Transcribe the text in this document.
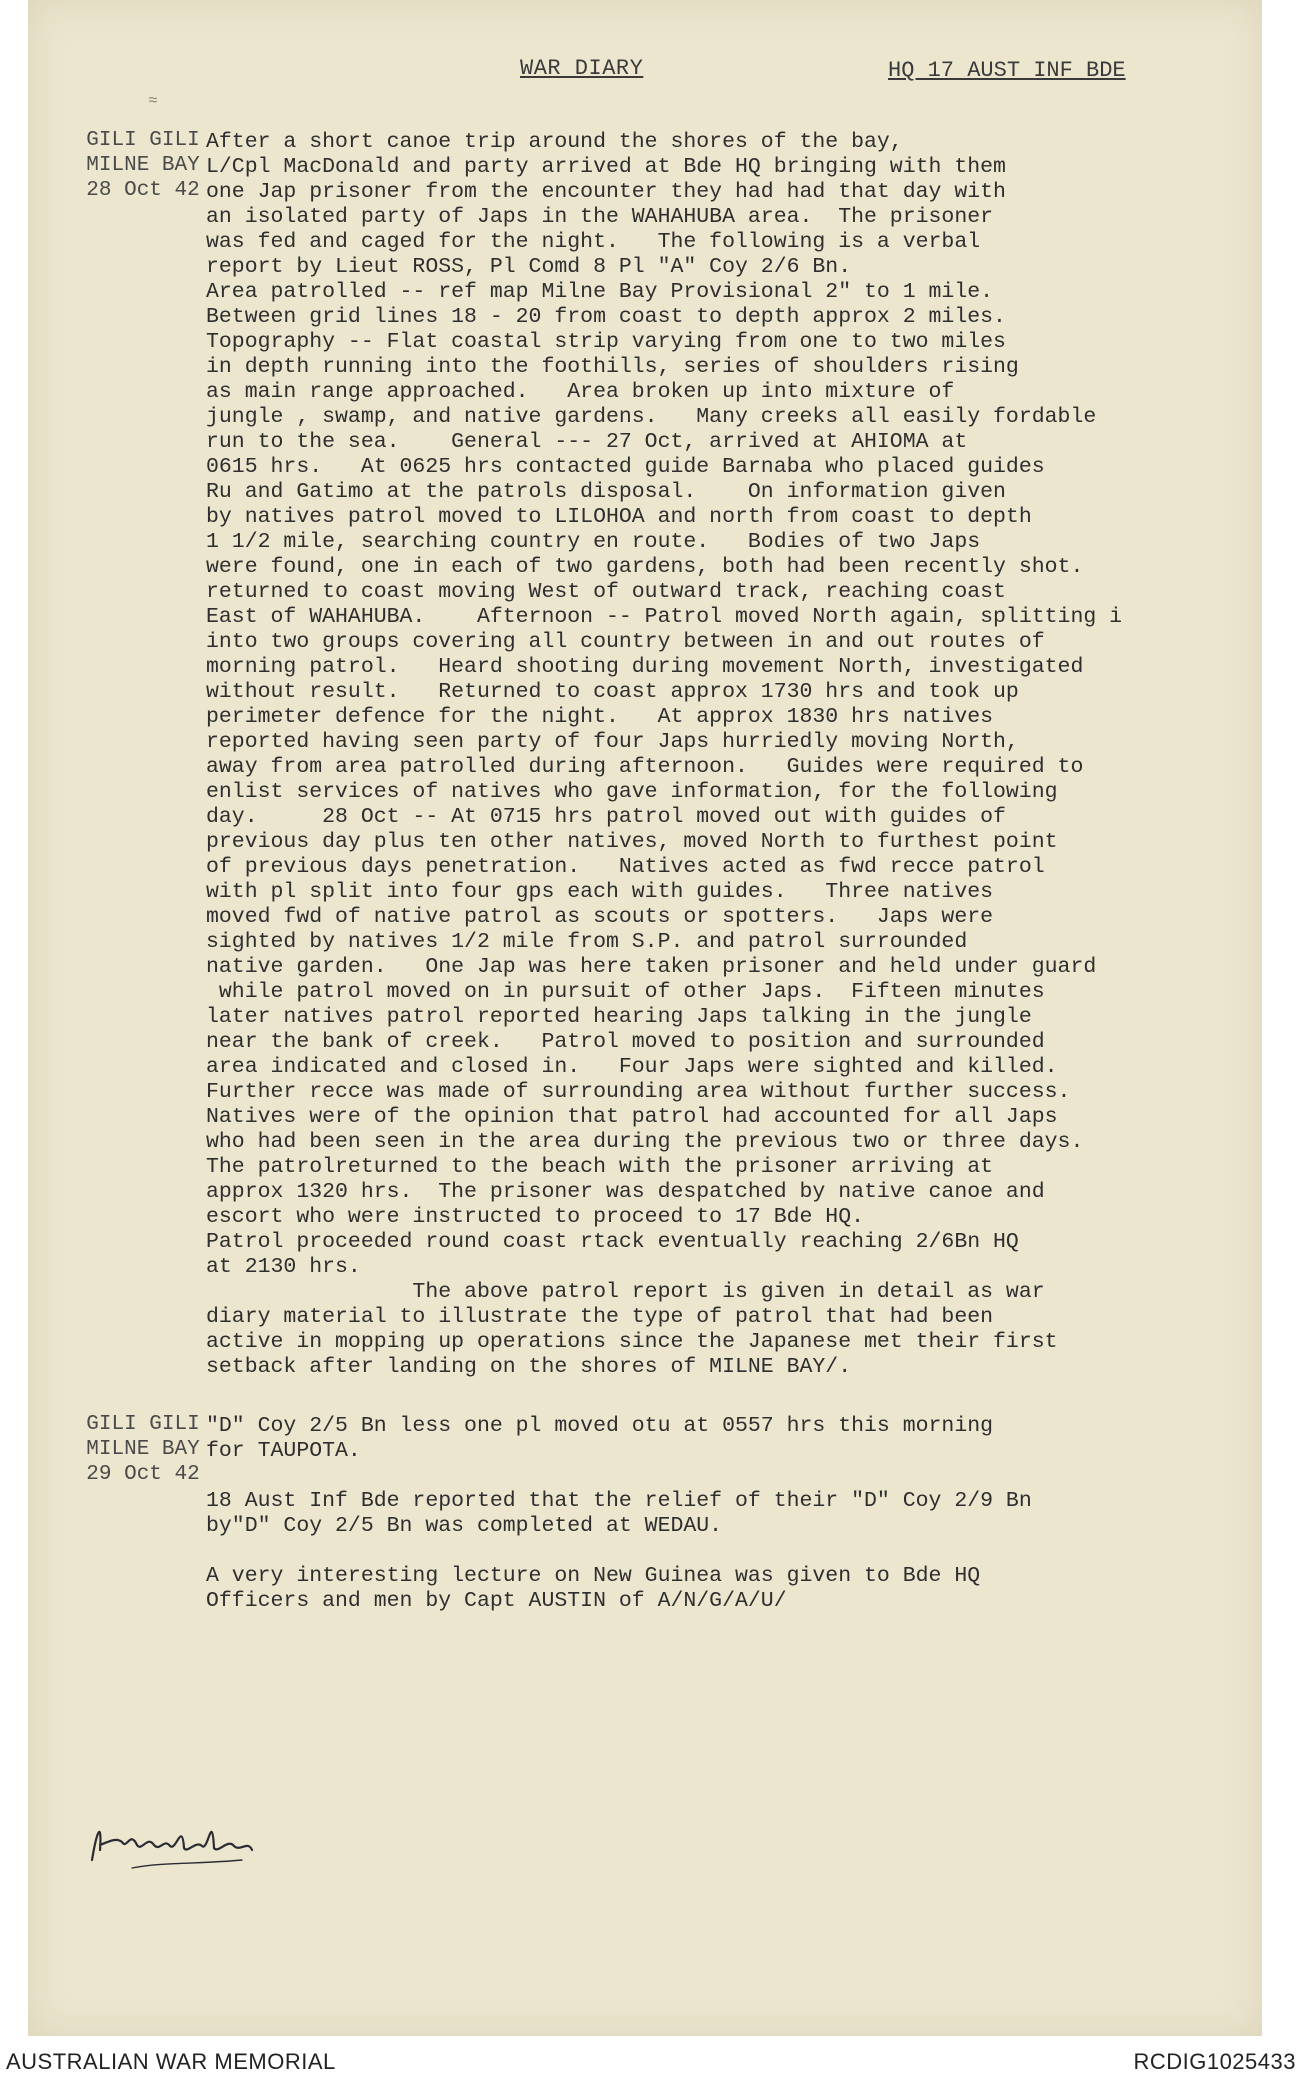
WAR DIARY	HQ 17 AUST INF BDE
≈
GILI GILI
MILNE BAY
28 Oct 42
After a short canoe trip around the shores of the bay,
L/Cpl MacDonald and party arrived at Bde HQ bringing with them
one Jap prisoner from the encounter they had had that day with
an isolated party of Japs in the WAHAHUBA area.  The prisoner
was fed and caged for the night.   The following is a verbal
report by Lieut ROSS, Pl Comd 8 Pl "A" Coy 2/6 Bn.
Area patrolled -- ref map Milne Bay Provisional 2" to 1 mile.
Between grid lines 18 - 20 from coast to depth approx 2 miles.
Topography -- Flat coastal strip varying from one to two miles
in depth running into the foothills, series of shoulders rising
as main range approached.   Area broken up into mixture of
jungle , swamp, and native gardens.   Many creeks all easily fordable
run to the sea.    General --- 27 Oct, arrived at AHIOMA at
0615 hrs.   At 0625 hrs contacted guide Barnaba who placed guides
Ru and Gatimo at the patrols disposal.    On information given
by natives patrol moved to LILOHOA and north from coast to depth
1 1/2 mile, searching country en route.   Bodies of two Japs
were found, one in each of two gardens, both had been recently shot.
returned to coast moving West of outward track, reaching coast
East of WAHAHUBA.    Afternoon -- Patrol moved North again, splitting i
into two groups covering all country between in and out routes of
morning patrol.   Heard shooting during movement North, investigated
without result.   Returned to coast approx 1730 hrs and took up
perimeter defence for the night.   At approx 1830 hrs natives
reported having seen party of four Japs hurriedly moving North,
away from area patrolled during afternoon.   Guides were required to
enlist services of natives who gave information, for the following
day.     28 Oct -- At 0715 hrs patrol moved out with guides of
previous day plus ten other natives, moved North to furthest point
of previous days penetration.   Natives acted as fwd recce patrol
with pl split into four gps each with guides.   Three natives
moved fwd of native patrol as scouts or spotters.   Japs were
sighted by natives 1/2 mile from S.P. and patrol surrounded
native garden.   One Jap was here taken prisoner and held under guard
while patrol moved on in pursuit of other Japs.  Fifteen minutes
later natives patrol reported hearing Japs talking in the jungle
near the bank of creek.   Patrol moved to position and surrounded
area indicated and closed in.   Four Japs were sighted and killed.
Further recce was made of surrounding area without further success.
Natives were of the opinion that patrol had accounted for all Japs
who had been seen in the area during the previous two or three days.
The patrolreturned to the beach with the prisoner arriving at
approx 1320 hrs.  The prisoner was despatched by native canoe and
escort who were instructed to proceed to 17 Bde HQ.
Patrol proceeded round coast rtack eventually reaching 2/6Bn HQ
at 2130 hrs.
The above patrol report is given in detail as war
diary material to illustrate the type of patrol that had been
active in mopping up operations since the Japanese met their first
setback after landing on the shores of MILNE BAY/.
GILI GILI
MILNE BAY
29 Oct 42
"D" Coy 2/5 Bn less one pl moved otu at 0557 hrs this morning
for TAUPOTA.

18 Aust Inf Bde reported that the relief of their "D" Coy 2/9 Bn
by"D" Coy 2/5 Bn was completed at WEDAU.

A very interesting lecture on New Guinea was given to Bde HQ
Officers and men by Capt AUSTIN of A/N/G/A/U/
AUSTRALIAN WAR MEMORIAL	RCDIG1025433
